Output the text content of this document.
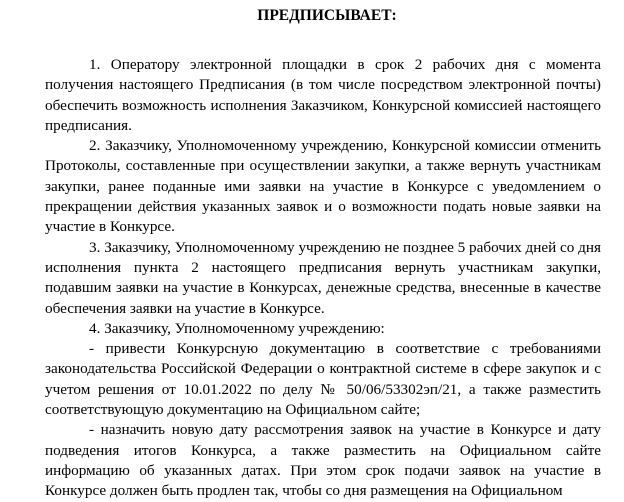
ПРЕДПИСЫВАЕТ:

1. Оператору электронной площадки в срок 2 рабочих дня с момента получения настоящего Предписания (в том числе посредством электронной почты) обеспечить возможность исполнения Заказчиком, Конкурсной комиссией настоящего предписания.

2. Заказчику, Уполномоченному учреждению, Конкурсной комиссии отменить Протоколы, составленные при осуществлении закупки, а также вернуть участникам закупки, ранее поданные ими заявки на участие в Конкурсе с уведомлением о прекращении действия указанных заявок и о возможности подать новые заявки на участие в Конкурсе.

3. Заказчику, Уполномоченному учреждению не позднее 5 рабочих дней со дня исполнения пункта 2 настоящего предписания вернуть участникам закупки, подавшим заявки на участие в Конкурсах, денежные средства, внесенные в качестве обеспечения заявки на участие в Конкурсе.

4. Заказчику, Уполномоченному учреждению:

- привести Конкурсную документацию в соответствие с требованиями законодательства Российской Федерации о контрактной системе в сфере закупок и с учетом решения от 10.01.2022 по делу № 50/06/53302эп/21, а также разместить соответствующую документацию на Официальном сайте;

- назначить новую дату рассмотрения заявок на участие в Конкурсе и дату подведения итогов Конкурса, а также разместить на Официальном сайте информацию об указанных датах. При этом срок подачи заявок на участие в Конкурсе должен быть продлен так, чтобы со дня размещения на Официальном
